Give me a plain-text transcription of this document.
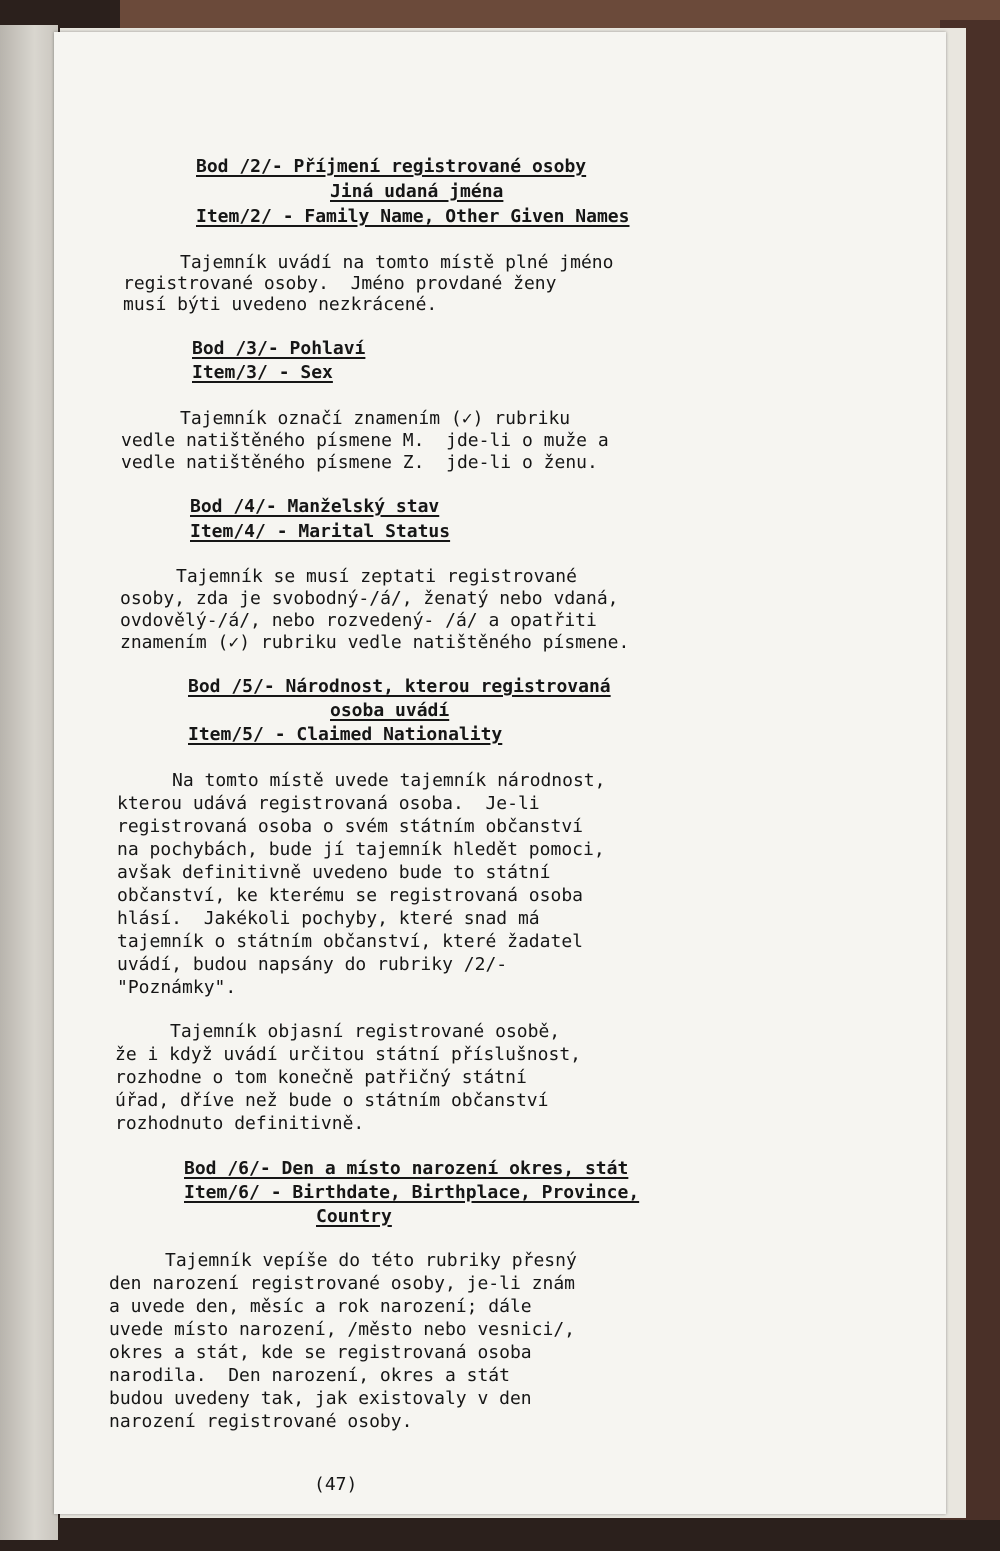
Bod /2/- Příjmení registrované osoby
Jiná udaná jména
Item/2/ - Family Name, Other Given Names
Tajemník uvádí na tomto místě plné jméno
registrované osoby.  Jméno provdané ženy
musí býti uvedeno nezkrácené.
Bod /3/- Pohlaví
Item/3/ - Sex
Tajemník označí znamením (✓) rubriku
vedle natištěného písmene M.  jde-li o muže a
vedle natištěného písmene Z.  jde-li o ženu.
Bod /4/- Manželský stav
Item/4/ - Marital Status
Tajemník se musí zeptati registrované
osoby, zda je svobodný-/á/, ženatý nebo vdaná,
ovdovělý-/á/, nebo rozvedený- /á/ a opatřiti
znamením (✓) rubriku vedle natištěného písmene.
Bod /5/- Národnost, kterou registrovaná
osoba uvádí
Item/5/ - Claimed Nationality
Na tomto místě uvede tajemník národnost,
kterou udává registrovaná osoba.  Je-li
registrovaná osoba o svém státním občanství
na pochybách, bude jí tajemník hledět pomoci,
avšak definitivně uvedeno bude to státní
občanství, ke kterému se registrovaná osoba
hlásí.  Jakékoli pochyby, které snad má
tajemník o státním občanství, které žadatel
uvádí, budou napsány do rubriky /2/-
"Poznámky".
Tajemník objasní registrované osobě,
že i když uvádí určitou státní příslušnost,
rozhodne o tom konečně patřičný státní
úřad, dříve než bude o státním občanství
rozhodnuto definitivně.
Bod /6/- Den a místo narození okres, stát
Item/6/ - Birthdate, Birthplace, Province,
Country
Tajemník vepíše do této rubriky přesný
den narození registrované osoby, je-li znám
a uvede den, měsíc a rok narození; dále
uvede místo narození, /město nebo vesnici/,
okres a stát, kde se registrovaná osoba
narodila.  Den narození, okres a stát
budou uvedeny tak, jak existovaly v den
narození registrované osoby.
(47)
